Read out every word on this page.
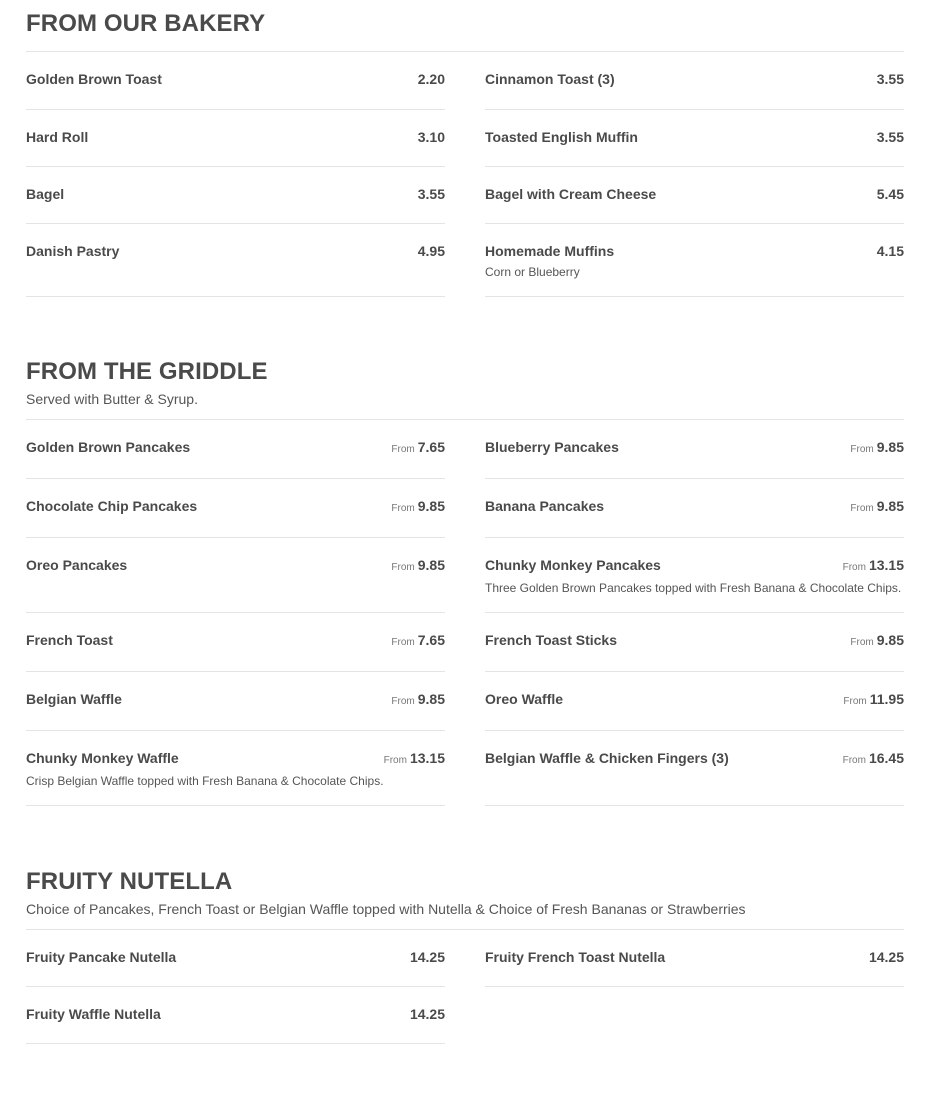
FROM OUR BAKERY
Golden Brown Toast	2.20
Hard Roll	3.10
Bagel	3.55
Danish Pastry	4.95
Cinnamon Toast (3)	3.55
Toasted English Muffin	3.55
Bagel with Cream Cheese	5.45
Homemade Muffins	4.15
Corn or Blueberry
FROM THE GRIDDLE
Served with Butter & Syrup.
Golden Brown Pancakes	From 7.65
Chocolate Chip Pancakes	From 9.85
Oreo Pancakes	From 9.85
French Toast	From 7.65
Belgian Waffle	From 9.85
Chunky Monkey Waffle	From 13.15
Crisp Belgian Waffle topped with Fresh Banana & Chocolate Chips.
Blueberry Pancakes	From 9.85
Banana Pancakes	From 9.85
Chunky Monkey Pancakes	From 13.15
Three Golden Brown Pancakes topped with Fresh Banana & Chocolate Chips.
French Toast Sticks	From 9.85
Oreo Waffle	From 11.95
Belgian Waffle & Chicken Fingers (3)	From 16.45
FRUITY NUTELLA
Choice of Pancakes, French Toast or Belgian Waffle topped with Nutella & Choice of Fresh Bananas or Strawberries
Fruity Pancake Nutella	14.25
Fruity Waffle Nutella	14.25
Fruity French Toast Nutella	14.25
